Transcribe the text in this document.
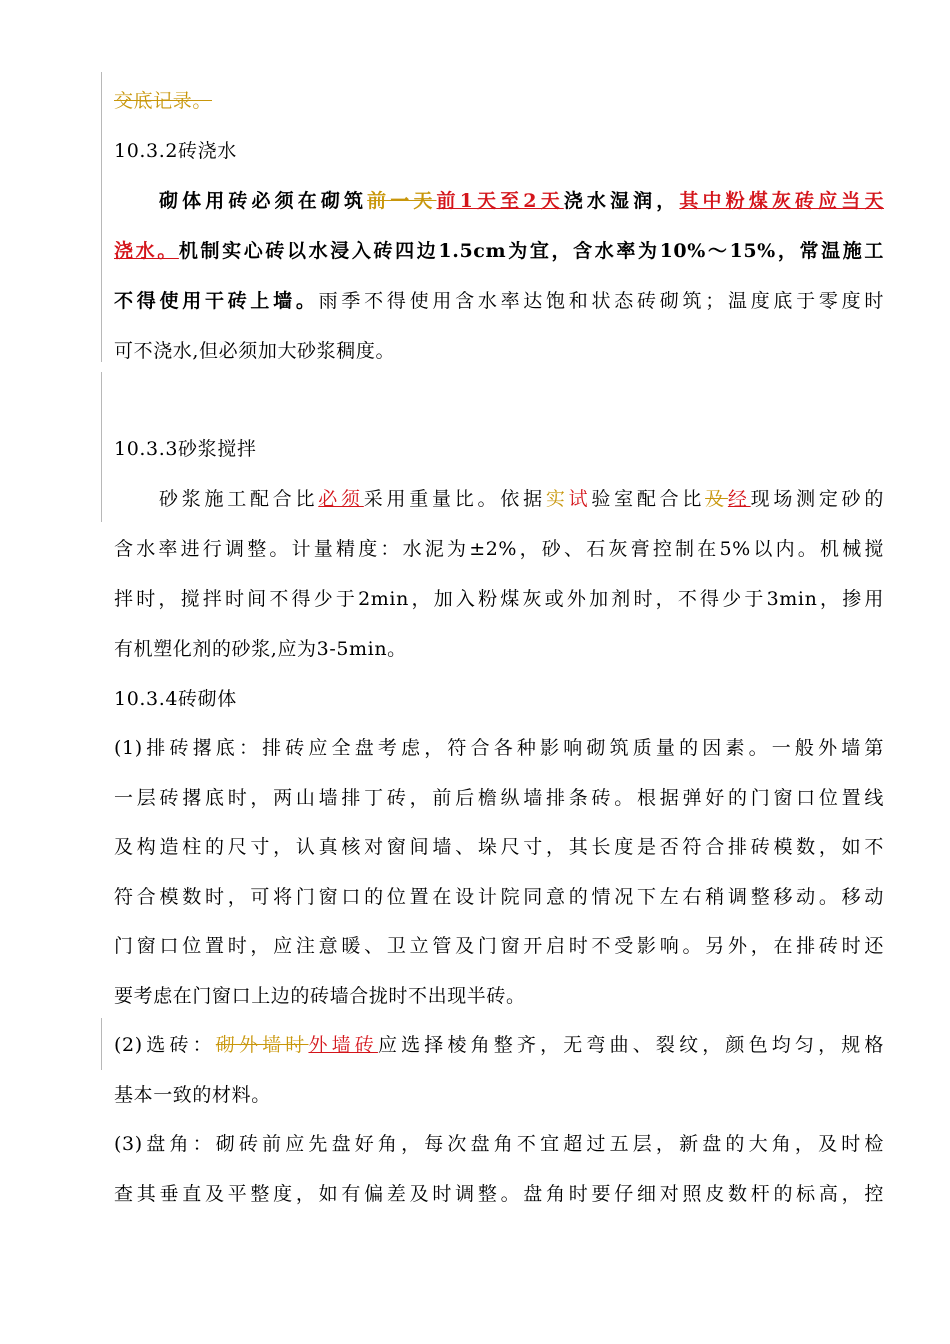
交底记录。
10.3.2砖浇水
砌体用砖必须在砌筑前一天前1天至2天浇水湿润，其中粉煤灰砖应当天
浇水。机制实心砖以水浸入砖四边1.5cm为宜，含水率为10%～15%，常温施工
不得使用干砖上墙。雨季不得使用含水率达饱和状态砖砌筑；温度底于零度时
可不浇水,但必须加大砂浆稠度。
10.3.3砂浆搅拌
砂浆施工配合比必须采用重量比。依据实试验室配合比及经现场测定砂的
含水率进行调整。计量精度：水泥为±2%，砂、石灰膏控制在5%以内。机械搅
拌时，搅拌时间不得少于2min，加入粉煤灰或外加剂时，不得少于3min，掺用
有机塑化剂的砂浆,应为3-5min。
10.3.4砖砌体
(1)排砖撂底：排砖应全盘考虑，符合各种影响砌筑质量的因素。一般外墙第
一层砖撂底时，两山墙排丁砖，前后檐纵墙排条砖。根据弹好的门窗口位置线
及构造柱的尺寸，认真核对窗间墙、垛尺寸，其长度是否符合排砖模数，如不
符合模数时，可将门窗口的位置在设计院同意的情况下左右稍调整移动。移动
门窗口位置时，应注意暖、卫立管及门窗开启时不受影响。另外，在排砖时还
要考虑在门窗口上边的砖墙合拢时不出现半砖。
(2)选砖：砌外墙时外墙砖应选择棱角整齐，无弯曲、裂纹，颜色均匀，规格
基本一致的材料。
(3)盘角：砌砖前应先盘好角，每次盘角不宜超过五层，新盘的大角，及时检
查其垂直及平整度，如有偏差及时调整。盘角时要仔细对照皮数杆的标高，控
